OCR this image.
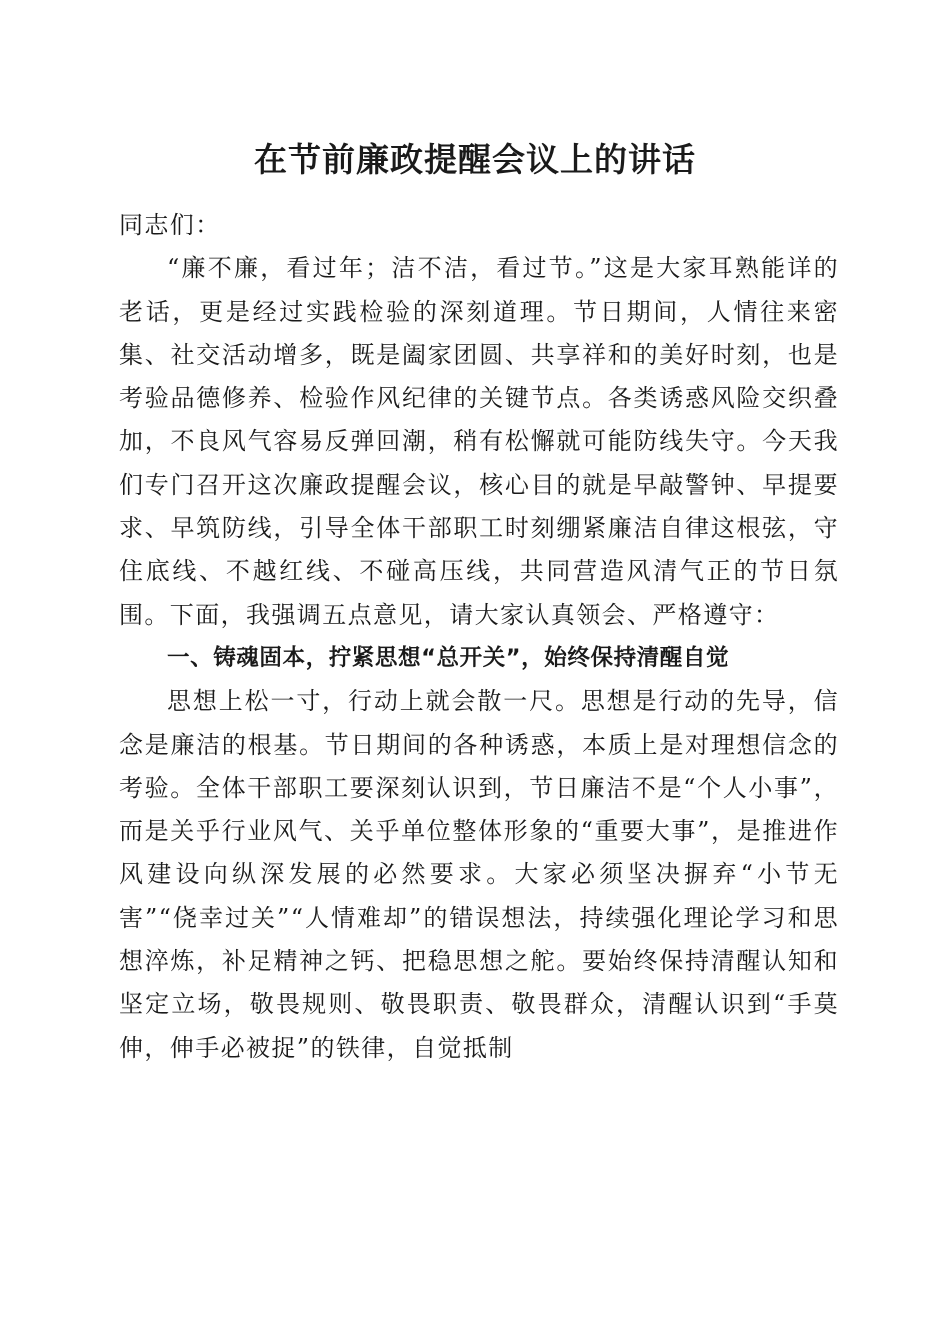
在节前廉政提醒会议上的讲话

同志们：

“廉不廉，看过年；洁不洁，看过节。”这是大家耳熟能详的老话，更是经过实践检验的深刻道理。节日期间，人情往来密集、社交活动增多，既是阖家团圆、共享祥和的美好时刻，也是考验品德修养、检验作风纪律的关键节点。各类诱惑风险交织叠加，不良风气容易反弹回潮，稍有松懈就可能防线失守。今天我们专门召开这次廉政提醒会议，核心目的就是早敲警钟、早提要求、早筑防线，引导全体干部职工时刻绷紧廉洁自律这根弦，守住底线、不越红线、不碰高压线，共同营造风清气正的节日氛围。下面，我强调五点意见，请大家认真领会、严格遵守：

一、铸魂固本，拧紧思想“总开关”，始终保持清醒自觉

思想上松一寸，行动上就会散一尺。思想是行动的先导，信念是廉洁的根基。节日期间的各种诱惑，本质上是对理想信念的考验。全体干部职工要深刻认识到，节日廉洁不是“个人小事”，而是关乎行业风气、关乎单位整体形象的“重要大事”，是推进作风建设向纵深发展的必然要求。大家必须坚决摒弃“小节无害”“侥幸过关”“人情难却”的错误想法，持续强化理论学习和思想淬炼，补足精神之钙、把稳思想之舵。要始终保持清醒认知和坚定立场，敬畏规则、敬畏职责、敬畏群众，清醒认识到“手莫伸，伸手必被捉”的铁律，自觉抵制
